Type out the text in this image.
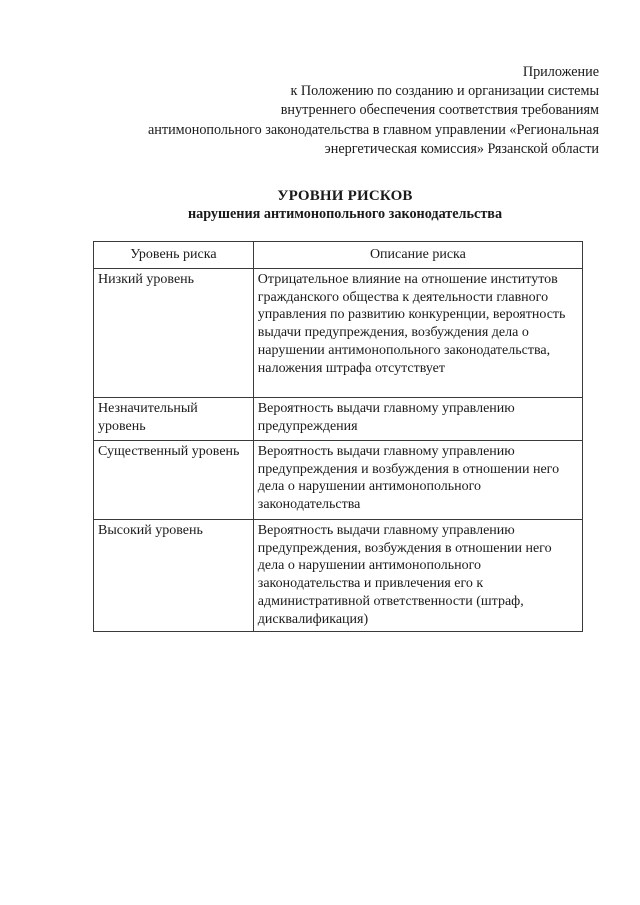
Приложение
к Положению по созданию и организации системы
внутреннего обеспечения соответствия требованиям
антимонопольного законодательства в главном управлении «Региональная
энергетическая комиссия» Рязанской области
УРОВНИ РИСКОВ
нарушения антимонопольного законодательства
Уровень риска	Описание риска
Низкий уровень	Отрицательное влияние на отношение институтов гражданского общества к деятельности главного управления по развитию конкуренции, вероятность выдачи предупреждения, возбуждения дела о нарушении антимонопольного законодательства, наложения штрафа отсутствует
Незначительный уровень	Вероятность выдачи главному управлению предупреждения
Существенный уровень	Вероятность выдачи главному управлению предупреждения и возбуждения в отношении него дела о нарушении антимонопольного законодательства
Высокий уровень	Вероятность выдачи главному управлению предупреждения, возбуждения в отношении него дела о нарушении антимонопольного законодательства и привлечения его к административной ответственности (штраф, дисквалификация)
